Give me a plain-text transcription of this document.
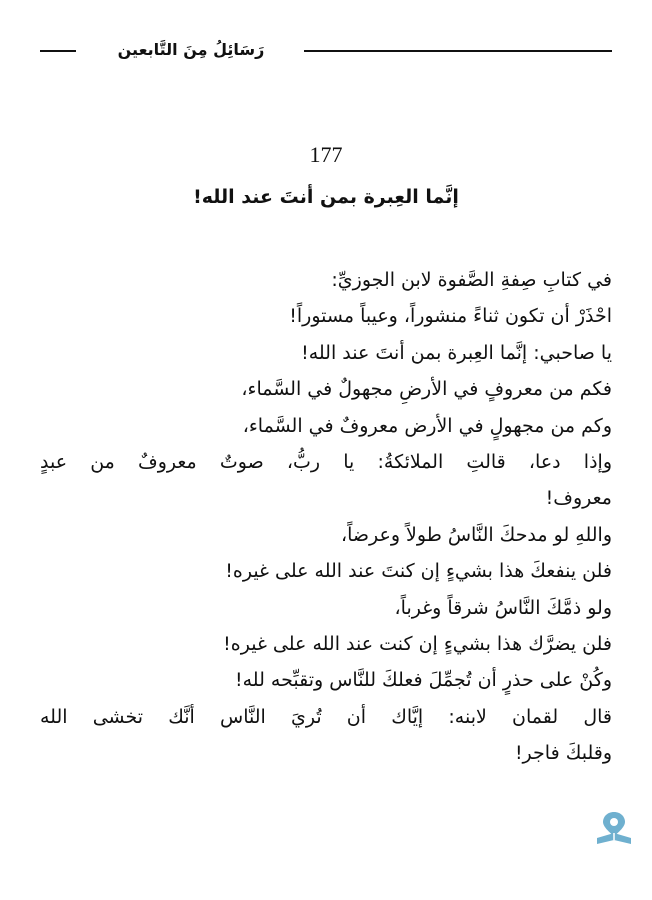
رَسَائِلُ مِنَ التَّابعين
177
إنَّما العِبرة بمن أنتَ عند الله!
في كتابِ صِفةِ الصَّفوة لابن الجوزيِّ:
احْذَرْ أن تكون ثناءً منشوراً، وعيباً مستوراً!
يا صاحبي: إنَّما العِبرة بمن أنتَ عند الله!
فكم من معروفٍ في الأرضِ مجهولٌ في السَّماء،
وكم من مجهولٍ في الأرض معروفٌ في السَّماء،
وإذا دعا، قالتِ الملائكةُ: يا ربُّ، صوتٌ معروفٌ من عبدٍ
معروف!
واللهِ لو مدحكَ النَّاسُ طولاً وعرضاً،
فلن ينفعكَ هذا بشيءٍ إن كنتَ عند الله على غيره!
ولو ذمَّكَ النَّاسُ شرقاً وغرباً،
فلن يضرَّك هذا بشيءٍ إن كنت عند الله على غيره!
وكُنْ على حذرٍ أن تُجمِّلَ فعلكَ للنَّاس وتقبِّحه لله!
قال لقمان لابنه: إيَّاك أن تُريَ النَّاس أنَّك تخشى الله
وقلبكَ فاجر!
